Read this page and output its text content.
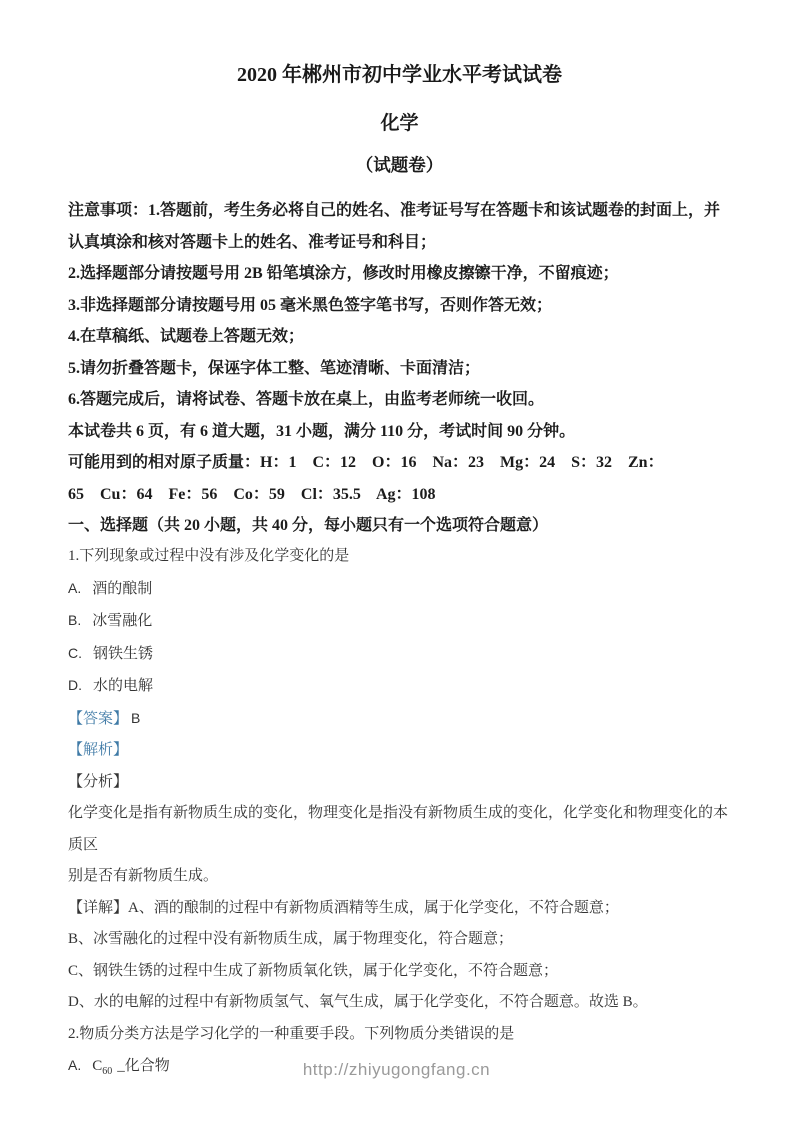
2020 年郴州市初中学业水平考试试卷
化学
（试题卷）

注意事项：1.答题前，考生务必将自己的姓名、准考证号写在答题卡和该试题卷的封面上，并

认真填涂和核对答题卡上的姓名、准考证号和科目；

2.选择题部分请按题号用 2B 铅笔填涂方，修改时用橡皮擦镲干净，不留痕迹；

3.非选择题部分请按题号用 05 毫米黑色签字笔书写，否则作答无效；

4.在草稿纸、试题卷上答题无效；

5.请勿折叠答题卡，保诬字体工整、笔迹清晰、卡面清洁；

6.答题完成后，请将试卷、答题卡放在桌上，由监考老师统一收回。

本试卷共 6 页，有 6 道大题，31 小题，满分 110 分，考试时间 90 分钟。

可能用到的相对原子质量：H：1    C：12    O：16    Na：23    Mg：24    S：32    Zn：

65    Cu：64    Fe：56    Co：59    Cl：35.5    Ag：108

一、选择题（共 20 小题，共 40 分，每小题只有一个选项符合题意）

1.下列现象或过程中没有涉及化学变化的是

A. 酒的酿制

B. 冰雪融化

C. 钢铁生锈

D. 水的电解

【答案】 B

【解析】

【分析】

化学变化是指有新物质生成的变化，物理变化是指没有新物质生成的变化，化学变化和物理变化的本质区

别是否有新物质生成。

【详解】A、酒的酿制的过程中有新物质酒精等生成，属于化学变化，不符合题意；

B、冰雪融化的过程中没有新物质生成，属于物理变化，符合题意；

C、钢铁生锈的过程中生成了新物质氧化铁，属于化学变化，不符合题意；

D、水的电解的过程中有新物质氢气、氧气生成，属于化学变化，不符合题意。故选 B。

2.物质分类方法是学习化学的一种重要手段。下列物质分类错误的是

A. $C_{60}$ _化合物	http://zhiyugongfang.cn
